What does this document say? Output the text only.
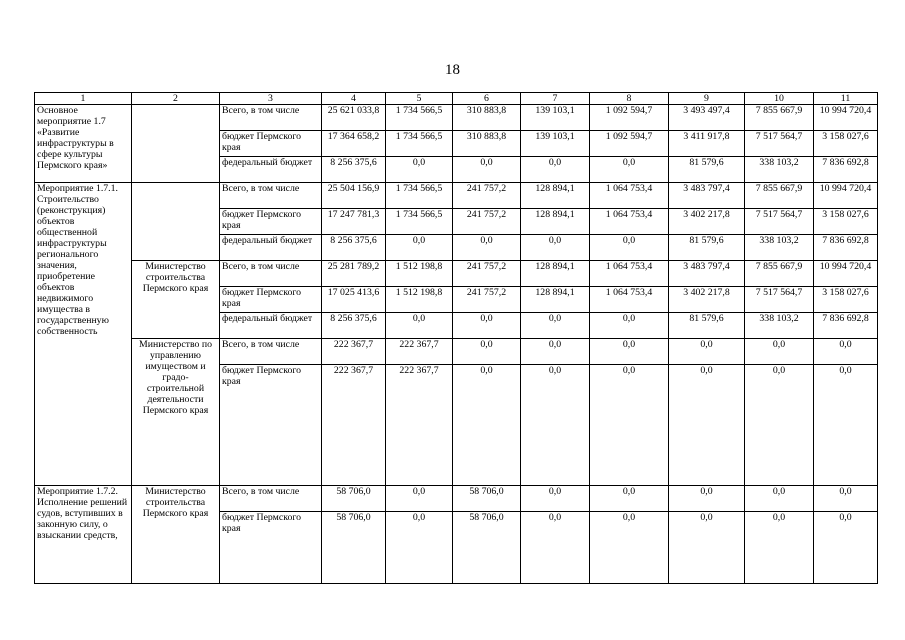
18
1	2	3	4	5	6	7	8	9	10	11
Основное мероприятие 1.7 «Развитие инфраструктуры в сфере культуры Пермского края»		Всего, в том числе	25 621 033,8	1 734 566,5	310 883,8	139 103,1	1 092 594,7	3 493 497,4	7 855 667,9	10 994 720,4
		бюджет Пермского края	17 364 658,2	1 734 566,5	310 883,8	139 103,1	1 092 594,7	3 411 917,8	7 517 564,7	3 158 027,6
		федеральный бюджет	8 256 375,6	0,0	0,0	0,0	0,0	81 579,6	338 103,2	7 836 692,8
Мероприятие 1.7.1. Строительство (реконструкция) объектов общественной инфраструктуры регионального значения, приобретение объектов недвижимого имущества в государственную собственность		Всего, в том числе	25 504 156,9	1 734 566,5	241 757,2	128 894,1	1 064 753,4	3 483 797,4	7 855 667,9	10 994 720,4
		бюджет Пермского края	17 247 781,3	1 734 566,5	241 757,2	128 894,1	1 064 753,4	3 402 217,8	7 517 564,7	3 158 027,6
		федеральный бюджет	8 256 375,6	0,0	0,0	0,0	0,0	81 579,6	338 103,2	7 836 692,8
	Министерство строительства Пермского края	Всего, в том числе	25 281 789,2	1 512 198,8	241 757,2	128 894,1	1 064 753,4	3 483 797,4	7 855 667,9	10 994 720,4
		бюджет Пермского края	17 025 413,6	1 512 198,8	241 757,2	128 894,1	1 064 753,4	3 402 217,8	7 517 564,7	3 158 027,6
		федеральный бюджет	8 256 375,6	0,0	0,0	0,0	0,0	81 579,6	338 103,2	7 836 692,8
	Министерство по управлению имуществом и градо-строительной деятельности Пермского края	Всего, в том числе	222 367,7	222 367,7	0,0	0,0	0,0	0,0	0,0	0,0
		бюджет Пермского края	222 367,7	222 367,7	0,0	0,0	0,0	0,0	0,0	0,0
Мероприятие 1.7.2. Исполнение решений судов, вступивших в законную силу, о взыскании средств,	Министерство строительства Пермского края	Всего, в том числе	58 706,0	0,0	58 706,0	0,0	0,0	0,0	0,0	0,0
		бюджет Пермского края	58 706,0	0,0	58 706,0	0,0	0,0	0,0	0,0	0,0
